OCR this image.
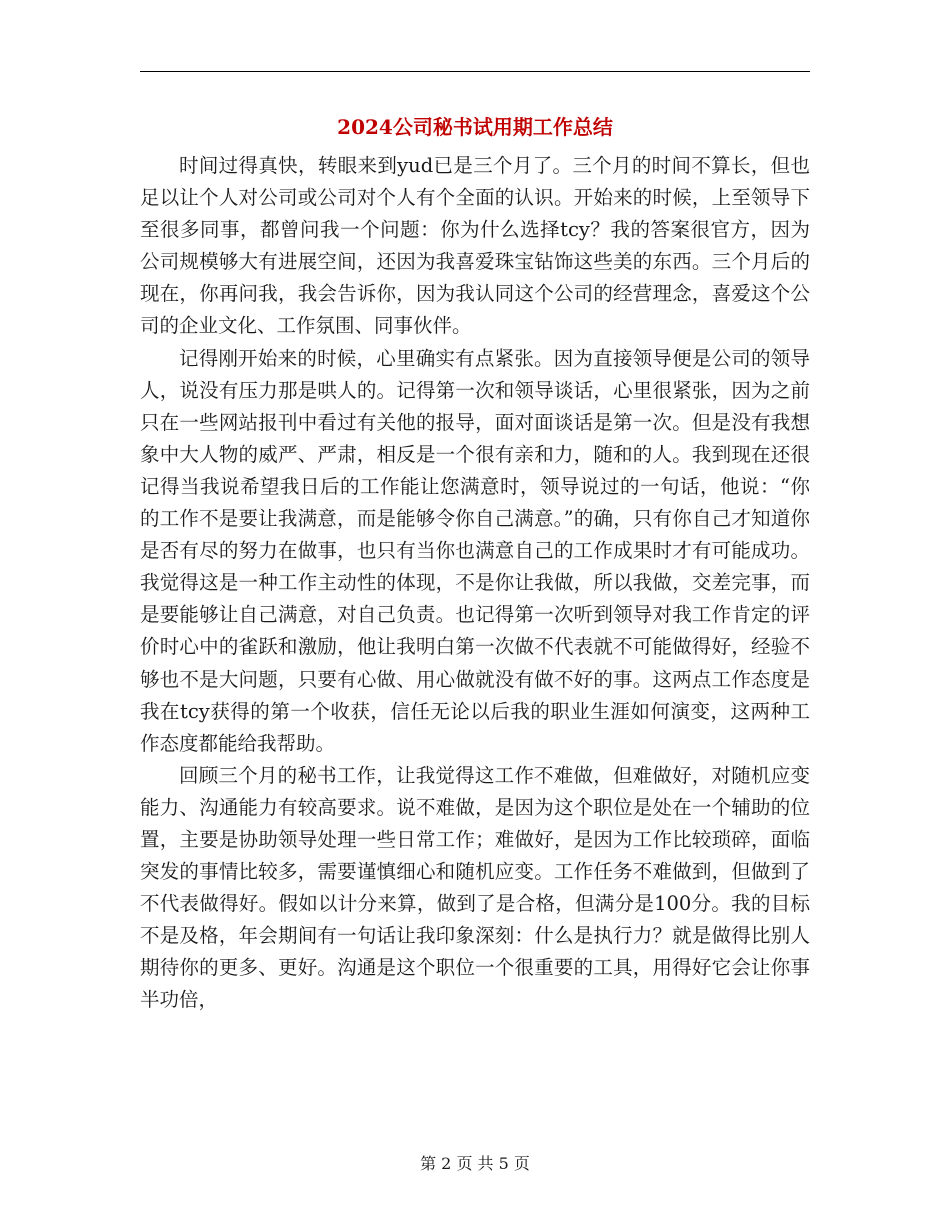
2024公司秘书试用期工作总结

时间过得真快，转眼来到yud已是三个月了。三个月的时间不算长，但也足以让个人对公司或公司对个人有个全面的认识。开始来的时候，上至领导下至很多同事，都曾问我一个问题：你为什么选择tcy？我的答案很官方，因为公司规模够大有进展空间，还因为我喜爱珠宝钻饰这些美的东西。三个月后的现在，你再问我，我会告诉你，因为我认同这个公司的经营理念，喜爱这个公司的企业文化、工作氛围、同事伙伴。

记得刚开始来的时候，心里确实有点紧张。因为直接领导便是公司的领导人，说没有压力那是哄人的。记得第一次和领导谈话，心里很紧张，因为之前只在一些网站报刊中看过有关他的报导，面对面谈话是第一次。但是没有我想象中大人物的威严、严肃，相反是一个很有亲和力，随和的人。我到现在还很记得当我说希望我日后的工作能让您满意时，领导说过的一句话，他说：“你的工作不是要让我满意，而是能够令你自己满意。”的确，只有你自己才知道你是否有尽的努力在做事，也只有当你也满意自己的工作成果时才有可能成功。我觉得这是一种工作主动性的体现，不是你让我做，所以我做，交差完事，而是要能够让自己满意，对自己负责。也记得第一次听到领导对我工作肯定的评价时心中的雀跃和激励，他让我明白第一次做不代表就不可能做得好，经验不够也不是大问题，只要有心做、用心做就没有做不好的事。这两点工作态度是我在tcy获得的第一个收获，信任无论以后我的职业生涯如何演变，这两种工作态度都能给我帮助。

回顾三个月的秘书工作，让我觉得这工作不难做，但难做好，对随机应变能力、沟通能力有较高要求。说不难做，是因为这个职位是处在一个辅助的位置，主要是协助领导处理一些日常工作；难做好，是因为工作比较琐碎，面临突发的事情比较多，需要谨慎细心和随机应变。工作任务不难做到，但做到了不代表做得好。假如以计分来算，做到了是合格，但满分是100分。我的目标不是及格，年会期间有一句话让我印象深刻：什么是执行力？就是做得比别人期待你的更多、更好。沟通是这个职位一个很重要的工具，用得好它会让你事半功倍，

第 2 页 共 5 页
